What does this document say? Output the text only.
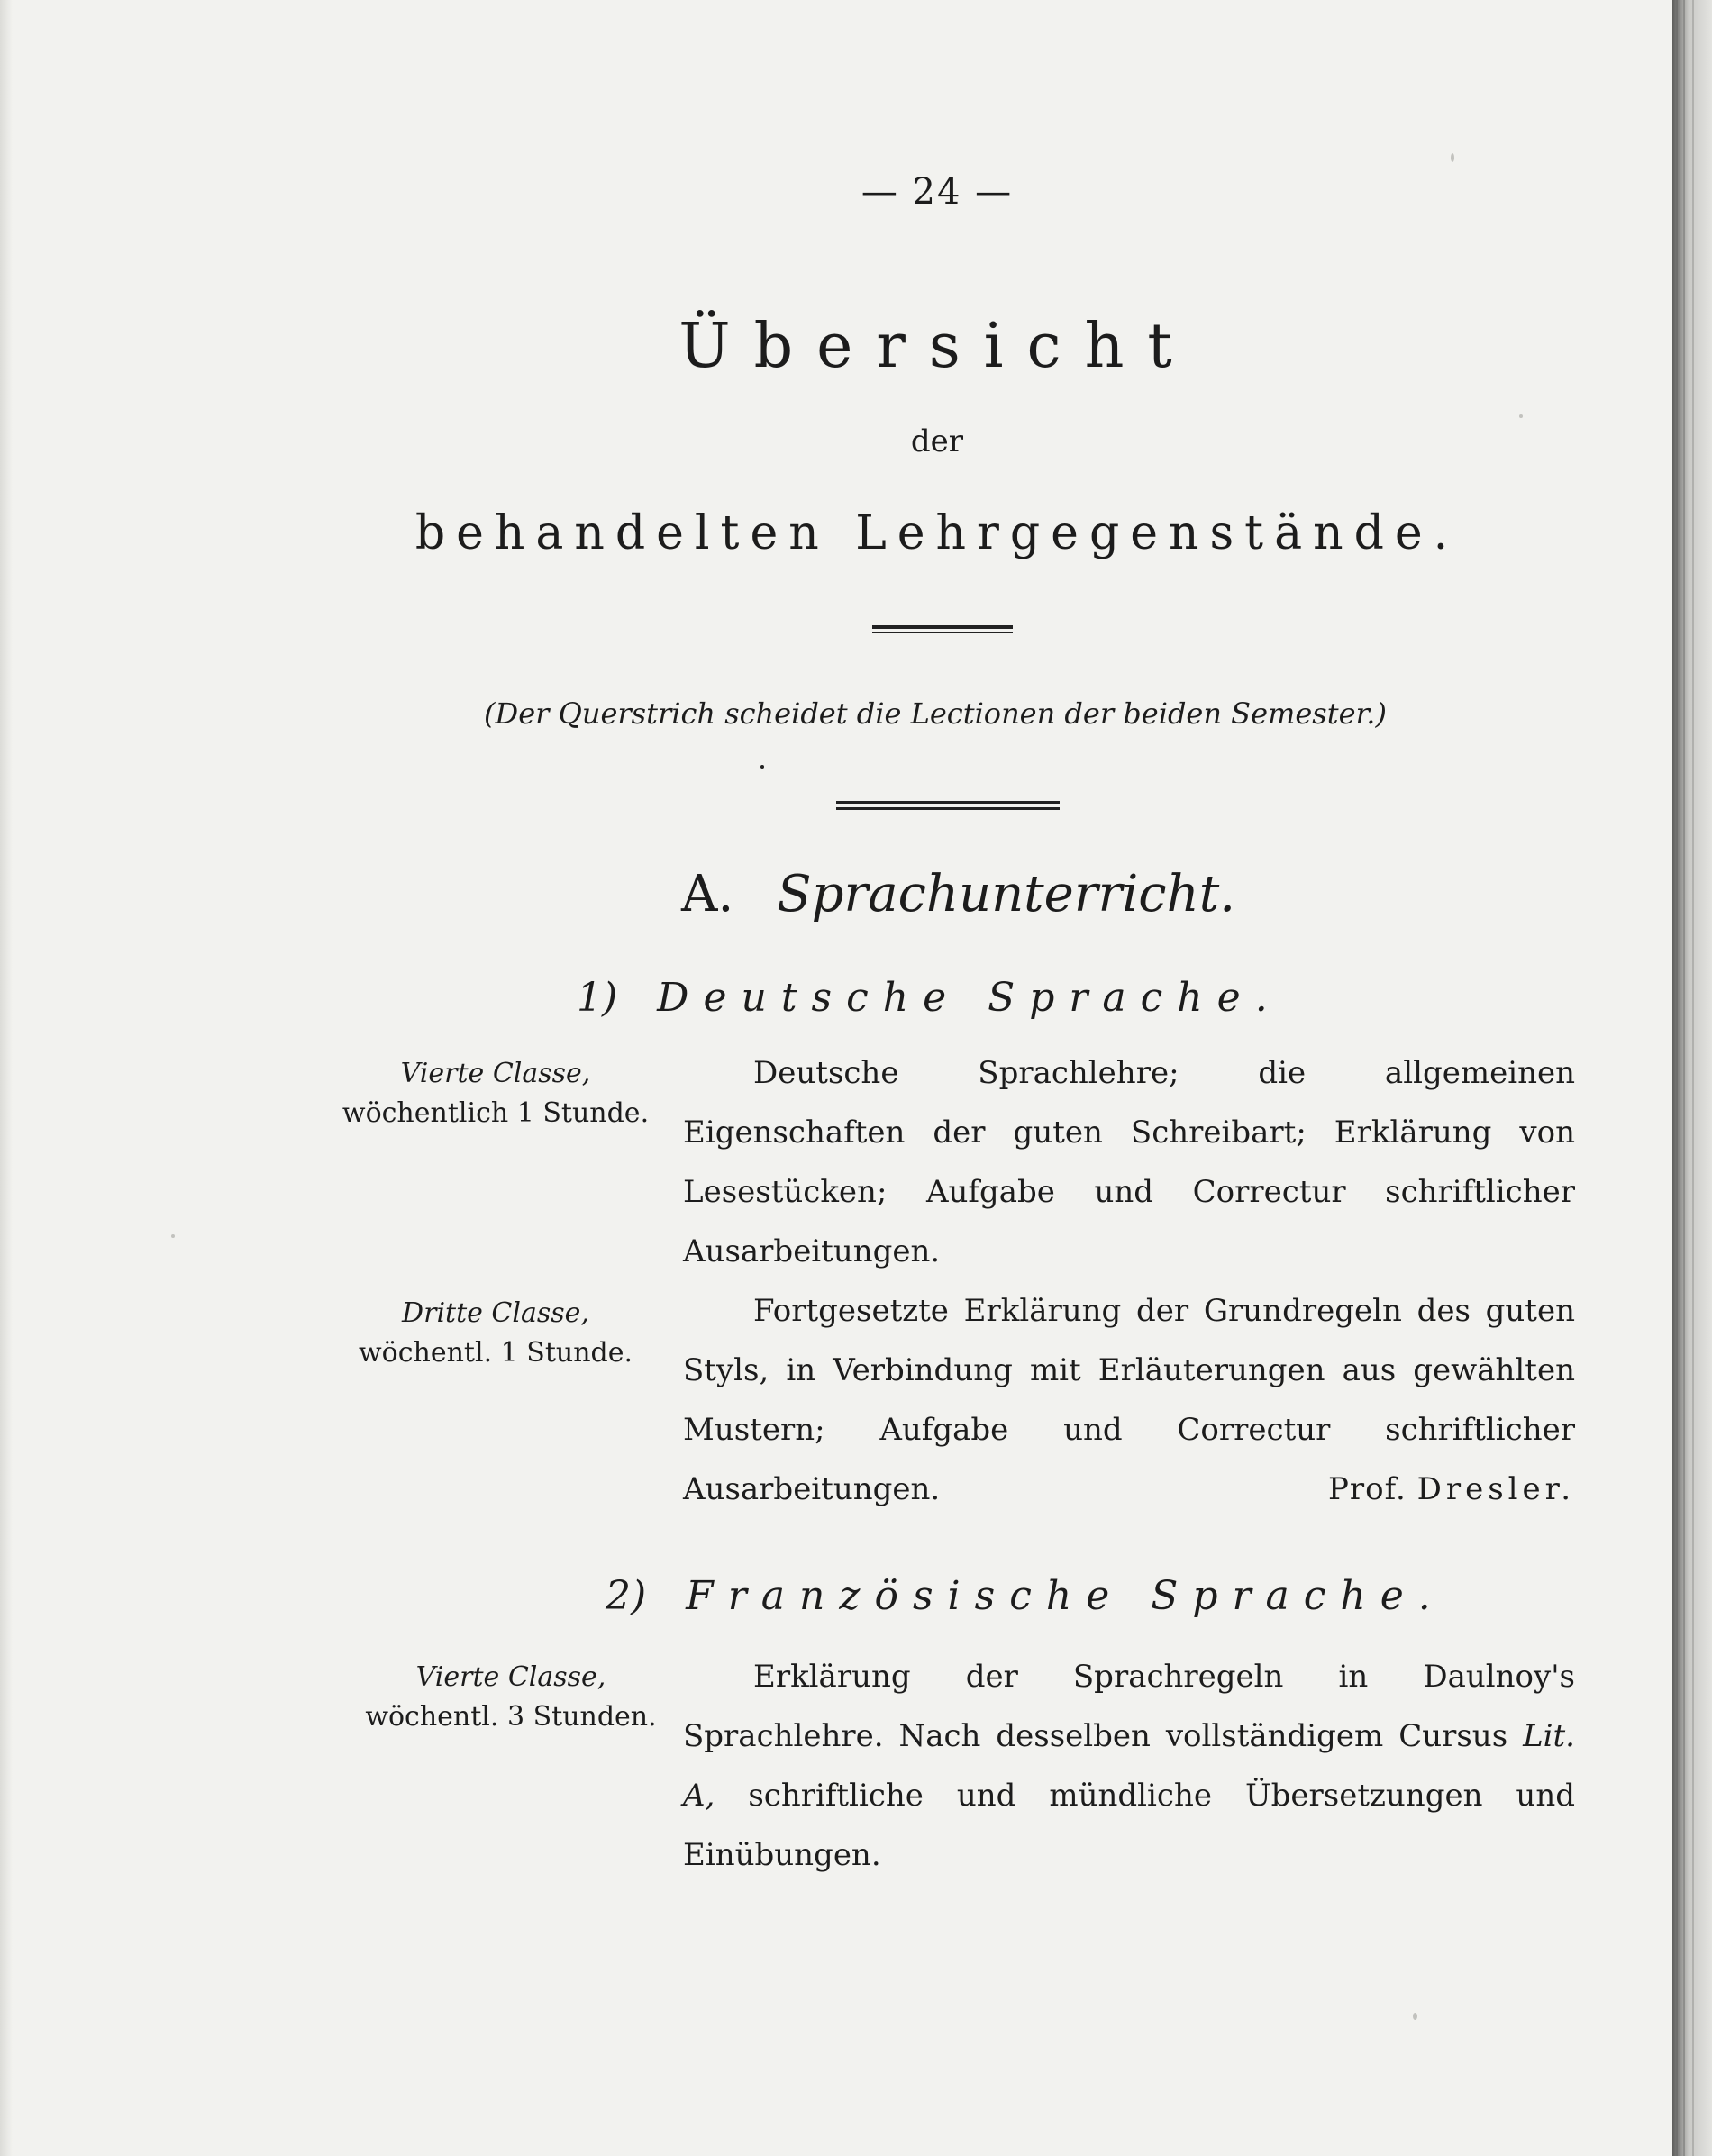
— 24 —
Übersicht
der
behandelten Lehrgegenstände.
(Der Querstrich scheidet die Lectionen der beiden Semester.)
A. Sprachunterricht.
1) Deutsche Sprache.
Vierte Classe,
wöchentlich 1 Stunde.
Deutsche Sprachlehre; die allgemeinen Eigenschaften der guten Schreibart; Erklärung von Lesestücken; Aufgabe und Correctur schriftlicher Ausarbeitungen.
Dritte Classe,
wöchentl. 1 Stunde.
Fortgesetzte Erklärung der Grundregeln des guten Styls, in Verbindung mit Erläuterungen aus gewählten Mustern; Aufgabe und Correctur schriftlicher Ausarbeitungen.	Prof. Dresler.
2) Französische Sprache.
Vierte Classe,
wöchentl. 3 Stunden.
Erklärung der Sprachregeln in Daulnoy's Sprachlehre. Nach desselben vollständigem Cursus Lit. A, schriftliche und mündliche Übersetzungen und Einübungen.
